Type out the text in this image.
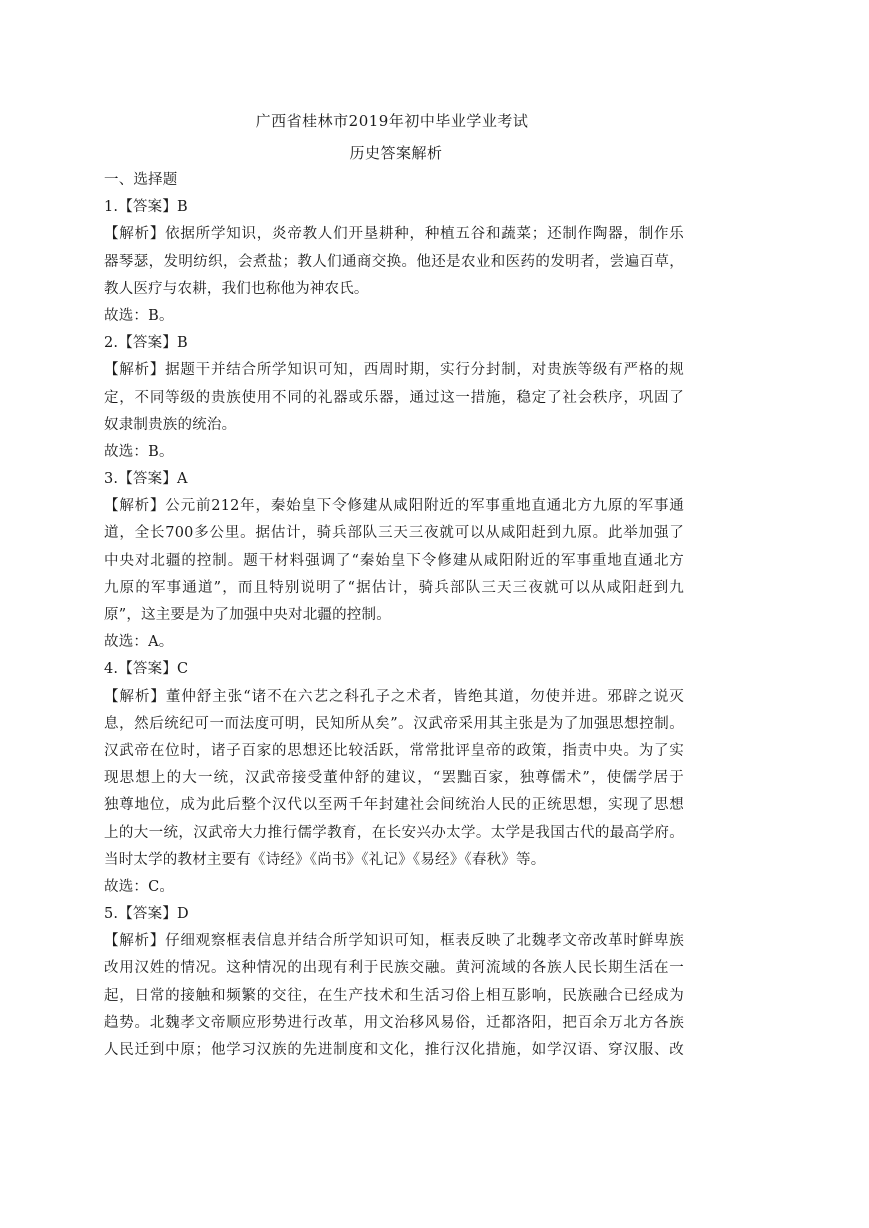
广西省桂林市2019年初中毕业学业考试
历史答案解析
一、选择题
1.【答案】B
【解析】依据所学知识，炎帝教人们开垦耕种，种植五谷和蔬菜；还制作陶器，制作乐
器琴瑟，发明纺织，会煮盐；教人们通商交换。他还是农业和医药的发明者，尝遍百草，
教人医疗与农耕，我们也称他为神农氏。
故选：B。
2.【答案】B
【解析】据题干并结合所学知识可知，西周时期，实行分封制，对贵族等级有严格的规
定，不同等级的贵族使用不同的礼器或乐器，通过这一措施，稳定了社会秩序，巩固了
奴隶制贵族的统治。
故选：B。
3.【答案】A
【解析】公元前212年，秦始皇下令修建从咸阳附近的军事重地直通北方九原的军事通
道，全长700多公里。据估计，骑兵部队三天三夜就可以从咸阳赶到九原。此举加强了
中央对北疆的控制。题干材料强调了“秦始皇下令修建从咸阳附近的军事重地直通北方
九原的军事通道”，而且特别说明了“据估计，骑兵部队三天三夜就可以从咸阳赶到九
原”，这主要是为了加强中央对北疆的控制。
故选：A。
4.【答案】C
【解析】董仲舒主张“诸不在六艺之科孔子之术者，皆绝其道，勿使并进。邪辟之说灭
息，然后统纪可一而法度可明，民知所从矣”。汉武帝采用其主张是为了加强思想控制。
汉武帝在位时，诸子百家的思想还比较活跃，常常批评皇帝的政策，指责中央。为了实
现思想上的大一统，汉武帝接受董仲舒的建议，“罢黜百家，独尊儒术”，使儒学居于
独尊地位，成为此后整个汉代以至两千年封建社会间统治人民的正统思想，实现了思想
上的大一统，汉武帝大力推行儒学教育，在长安兴办太学。太学是我国古代的最高学府。
当时太学的教材主要有《诗经》《尚书》《礼记》《易经》《春秋》等。
故选：C。
5.【答案】D
【解析】仔细观察框表信息并结合所学知识可知，框表反映了北魏孝文帝改革时鲜卑族
改用汉姓的情况。这种情况的出现有利于民族交融。黄河流域的各族人民长期生活在一
起，日常的接触和频繁的交往，在生产技术和生活习俗上相互影响，民族融合已经成为
趋势。北魏孝文帝顺应形势进行改革，用文治移风易俗，迁都洛阳，把百余万北方各族
人民迁到中原；他学习汉族的先进制度和文化，推行汉化措施，如学汉语、穿汉服、改
